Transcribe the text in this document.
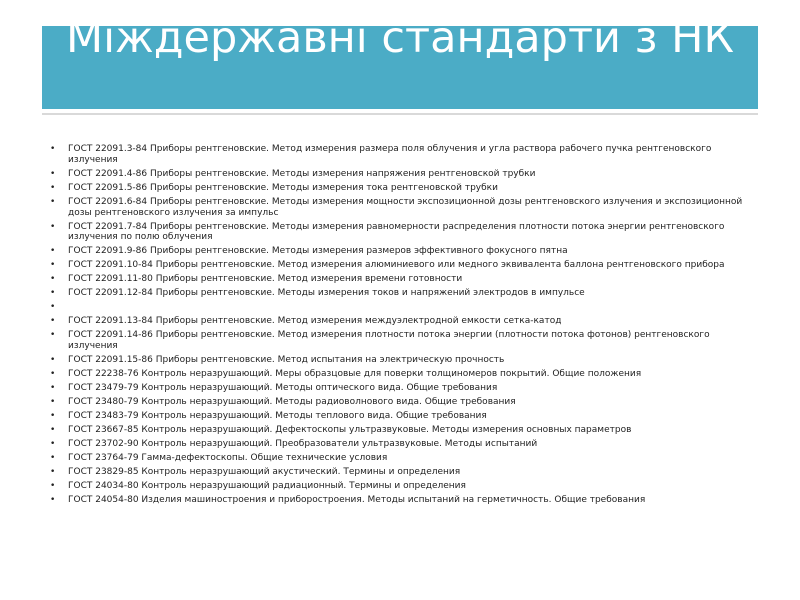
Міждержавні стандарти з НК
• ГОСТ 22091.3-84 Приборы рентгеновские. Метод измерения размера поля облучения и угла раствора рабочего пучка рентгеновского излучения
• ГОСТ 22091.4-86 Приборы рентгеновские. Методы измерения напряжения рентгеновской трубки
• ГОСТ 22091.5-86 Приборы рентгеновские. Методы измерения тока рентгеновской трубки
• ГОСТ 22091.6-84 Приборы рентгеновские. Методы измерения мощности экспозиционной дозы рентгеновского излучения и экспозиционной дозы рентгеновского излучения за импульс
• ГОСТ 22091.7-84 Приборы рентгеновские. Методы измерения равномерности распределения плотности потока энергии рентгеновского излучения по полю облучения
• ГОСТ 22091.9-86 Приборы рентгеновские. Методы измерения размеров эффективного фокусного пятна
• ГОСТ 22091.10-84 Приборы рентгеновские. Метод измерения алюминиевого или медного эквивалента баллона рентгеновского прибора
• ГОСТ 22091.11-80 Приборы рентгеновские. Метод измерения времени готовности
• ГОСТ 22091.12-84 Приборы рентгеновские. Методы измерения токов и напряжений электродов в импульсе
•

• ГОСТ 22091.13-84 Приборы рентгеновские. Метод измерения междуэлектродной емкости сетка-катод
• ГОСТ 22091.14-86 Приборы рентгеновские. Метод измерения плотности потока энергии (плотности потока фотонов) рентгеновского излучения
• ГОСТ 22091.15-86 Приборы рентгеновские. Метод испытания на электрическую прочность
• ГОСТ 22238-76 Контроль неразрушающий. Меры образцовые для поверки толщиномеров покрытий. Общие положения
• ГОСТ 23479-79 Контроль неразрушающий. Методы оптического вида. Общие требования
• ГОСТ 23480-79 Контроль неразрушающий. Методы радиоволнового вида. Общие требования
• ГОСТ 23483-79 Контроль неразрушающий. Методы теплового вида. Общие требования
• ГОСТ 23667-85 Контроль неразрушающий. Дефектоскопы ультразвуковые. Методы измерения основных параметров
• ГОСТ 23702-90 Контроль неразрушающий. Преобразователи ультразвуковые. Методы испытаний
• ГОСТ 23764-79 Гамма-дефектоскопы. Общие технические условия
• ГОСТ 23829-85 Контроль неразрушающий акустический. Термины и определения
• ГОСТ 24034-80 Контроль неразрушающий радиационный. Термины и определения
• ГОСТ 24054-80 Изделия машиностроения и приборостроения. Методы испытаний на герметичность. Общие требования
